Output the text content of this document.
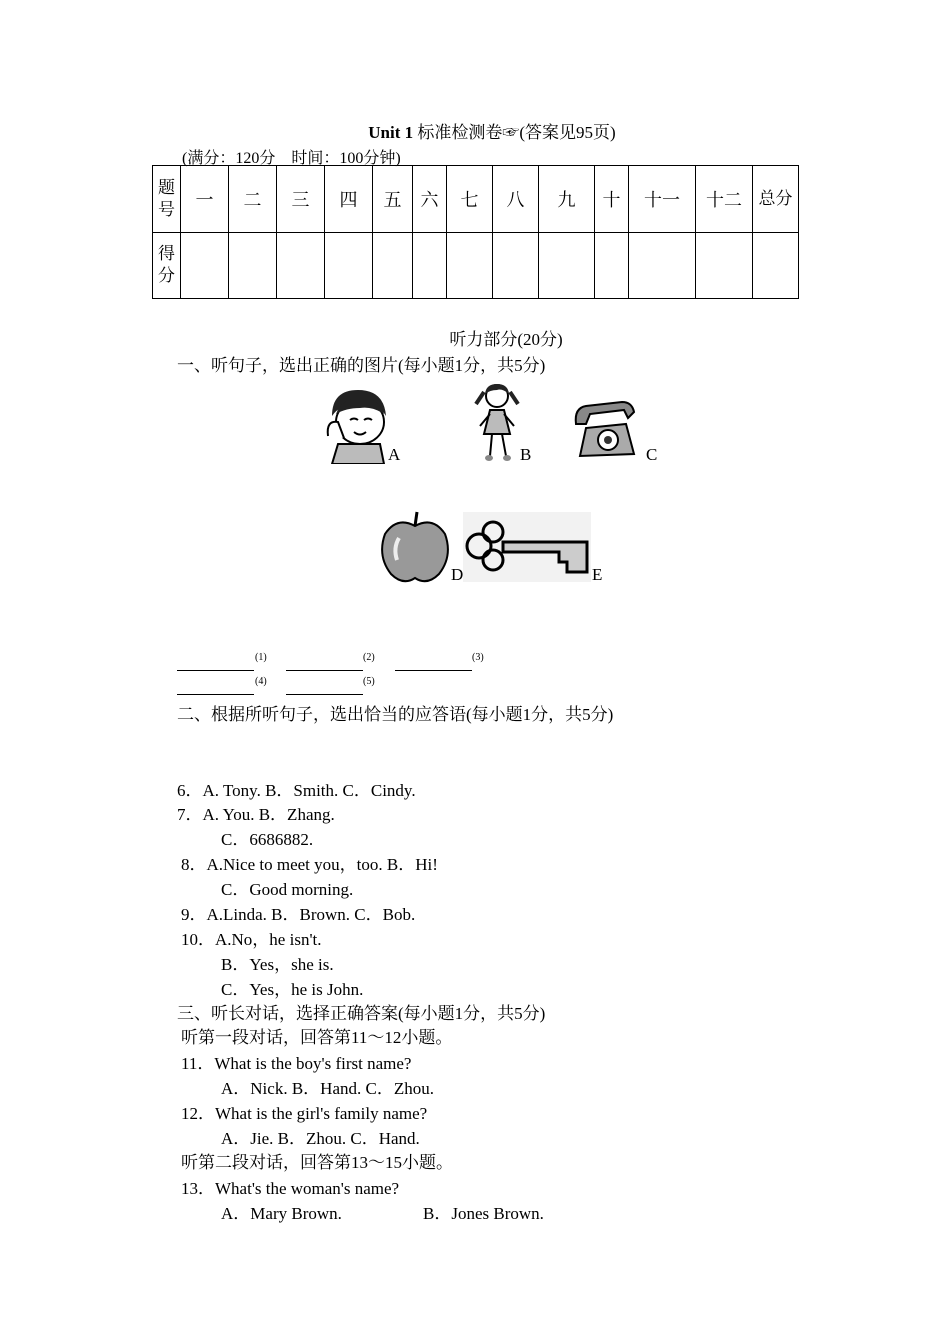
Unit 1 标准检测卷☞(答案见95页)
(满分：120分　时间：100分钟)
题号	一	二	三	四	五	六	七	八	九	十	十一	十二	总分
得分													
听力部分(20分)
一、听句子，选出正确的图片(每小题1分，共5分)
A	B	C
D	E
(1)	(2)	(3)
(4)	(5)
二、根据所听句子，选出恰当的应答语(每小题1分，共5分)
6．A. Tony. B．Smith. C．Cindy.
7．A. You. B．Zhang.
C．6686882.
8．A.Nice to meet you，too. B．Hi!
C．Good morning.
9．A.Linda. B．Brown. C．Bob.
10．A.No，he isn't.
B．Yes，she is.
C．Yes，he is John.
三、听长对话，选择正确答案(每小题1分，共5分)
听第一段对话，回答第11～12小题。
11．What is the boy's first name?
A．Nick. B．Hand. C．Zhou.
12．What is the girl's family name?
A．Jie. B．Zhou. C．Hand.
听第二段对话，回答第13～15小题。
13．What's the woman's name?
A．Mary Brown.	B．Jones Brown.
